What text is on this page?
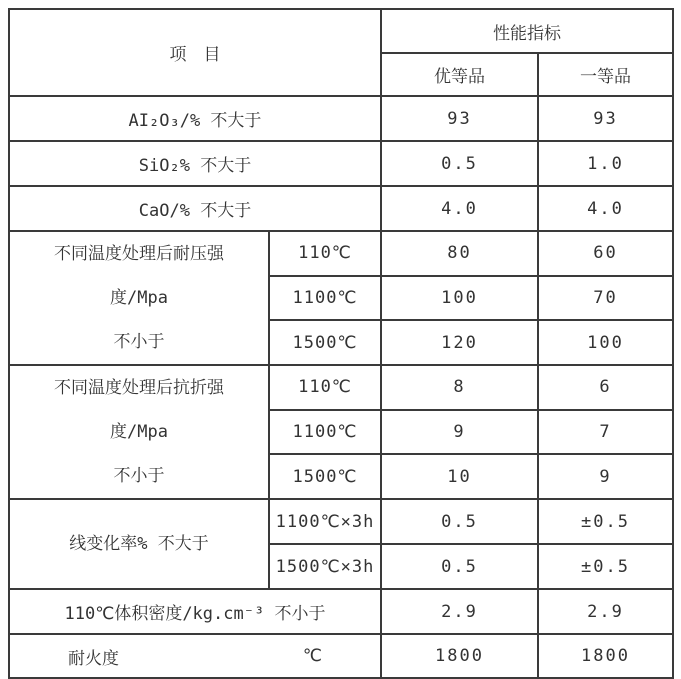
项　目		性能指标	
		优等品	一等品
AI₂O₃/% 不大于		93	93
SiO₂% 不大于		0.5	1.0
CaO/% 不大于		4.0	4.0

不同温度处理后耐压强
度/Mpa
不小于	110℃	80	60
	1100℃	100	70
	1500℃	120	100

不同温度处理后抗折强
度/Mpa
不小于	110℃	8	6
	1100℃	9	7
	1500℃	10	9

线变化率% 不大于	1100℃×3h	0.5	±0.5
	1500℃×3h	0.5	±0.5
110℃体积密度/kg.cm⁻³ 不小于		2.9	2.9

耐火度 ℃		1800	1800
